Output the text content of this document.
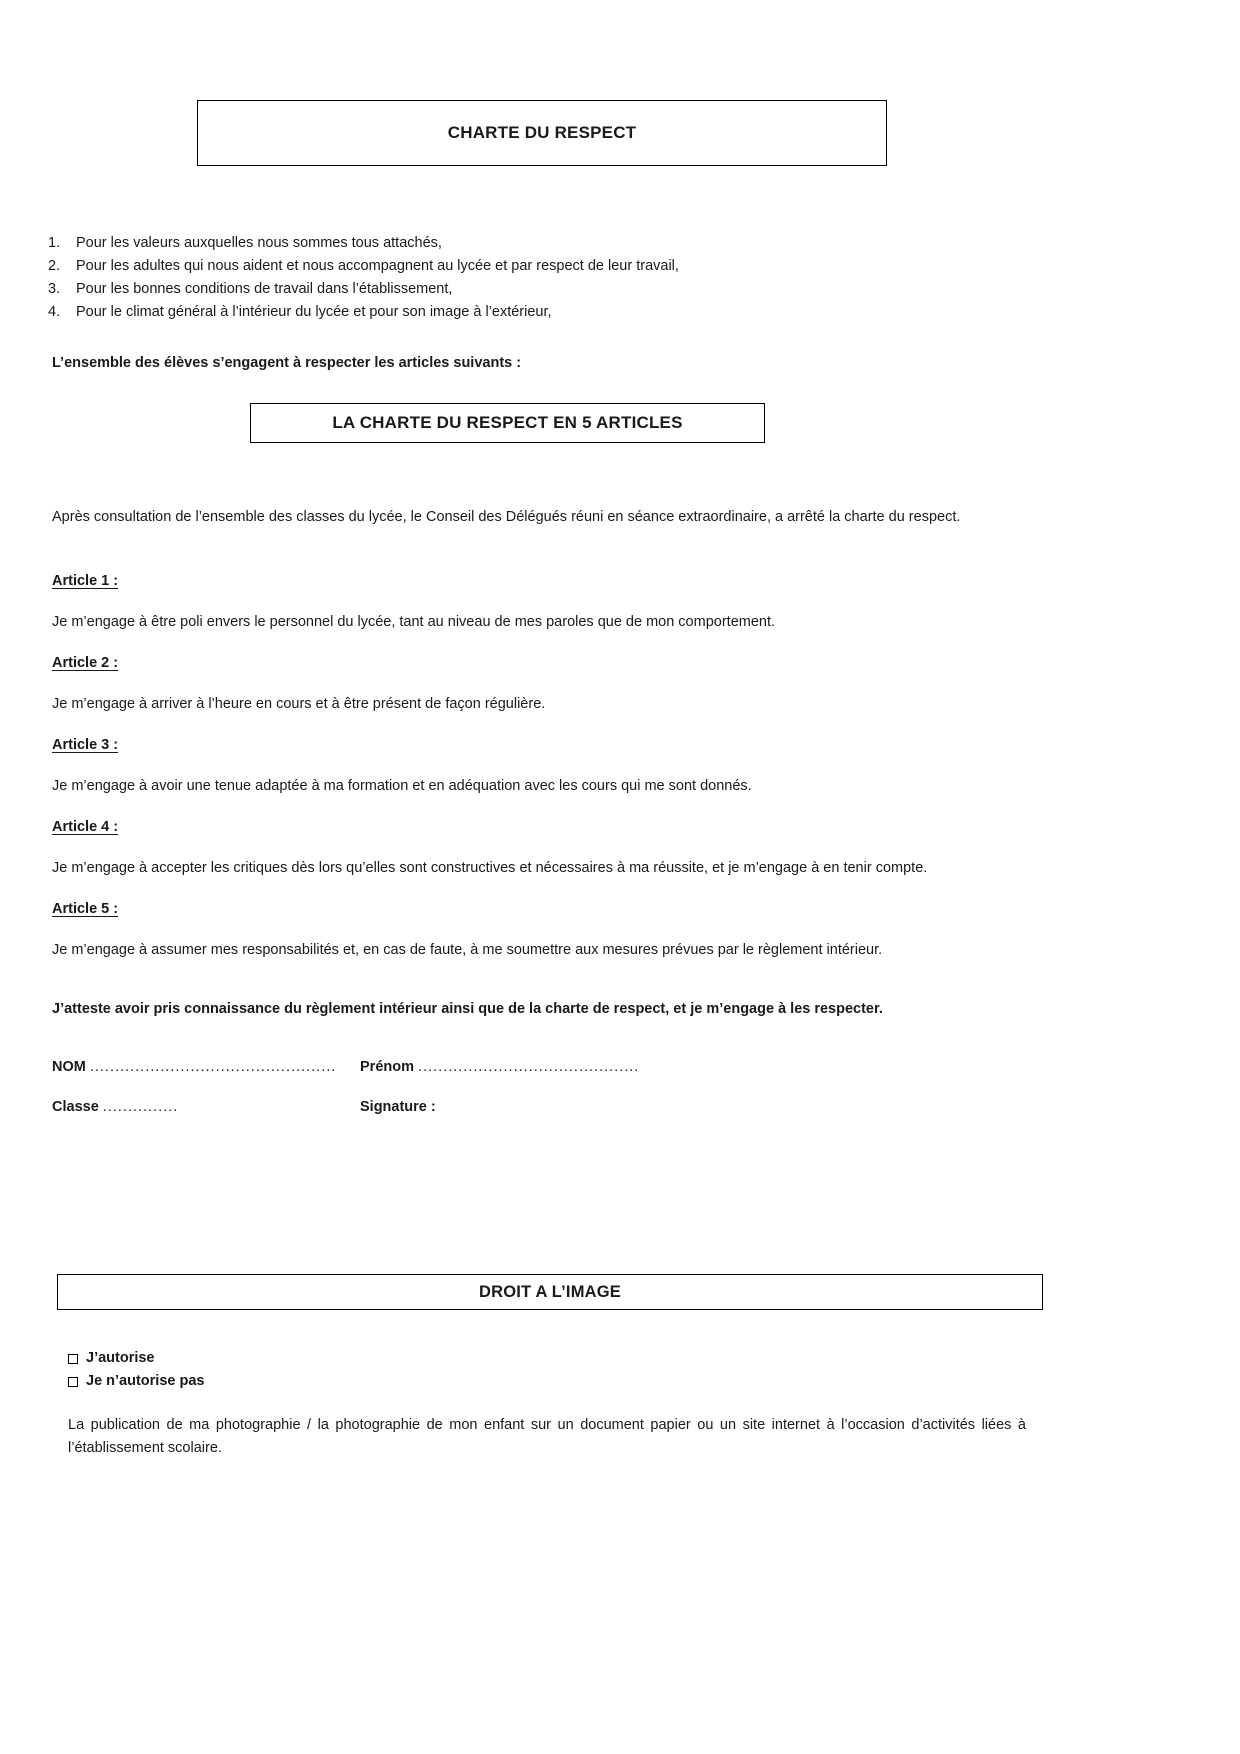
CHARTE DU RESPECT
1.	Pour les valeurs auxquelles nous sommes tous attachés,
2.	Pour les adultes qui nous aident et nous accompagnent au lycée et par respect de leur travail,
3.	Pour les bonnes conditions de travail dans l’établissement,
4.	Pour le climat général à l’intérieur du lycée et pour son image à l’extérieur,
L’ensemble des élèves s’engagent à respecter les articles suivants :
LA CHARTE DU RESPECT EN 5 ARTICLES
Après consultation de l’ensemble des classes du lycée, le Conseil des Délégués réuni en séance extraordinaire, a arrêté la charte du respect.
Article 1 :
Je m’engage à être poli envers le personnel du lycée, tant au niveau de mes paroles que de mon comportement.
Article 2 :
Je m’engage à arriver à l’heure en cours et à être présent de façon régulière.
Article 3 :
Je m’engage à avoir une tenue adaptée à ma formation et en adéquation avec les cours qui me sont donnés.
Article 4 :
Je m’engage à accepter les critiques dès lors qu’elles sont constructives et nécessaires à ma réussite, et je m’engage à en tenir compte.
Article 5 :
Je m’engage à assumer mes responsabilités et, en cas de faute, à me soumettre aux mesures prévues par le règlement intérieur.
J’atteste avoir pris connaissance du règlement intérieur ainsi que de la charte de respect, et je m’engage à les respecter.
NOM ................................................. Prénom ............................................
Classe ...............	Signature :
DROIT A L’IMAGE
J’autorise
Je n’autorise pas
La publication de ma photographie / la photographie de mon enfant sur un document papier ou un site internet à l’occasion d’activités liées à l’établissement scolaire.
